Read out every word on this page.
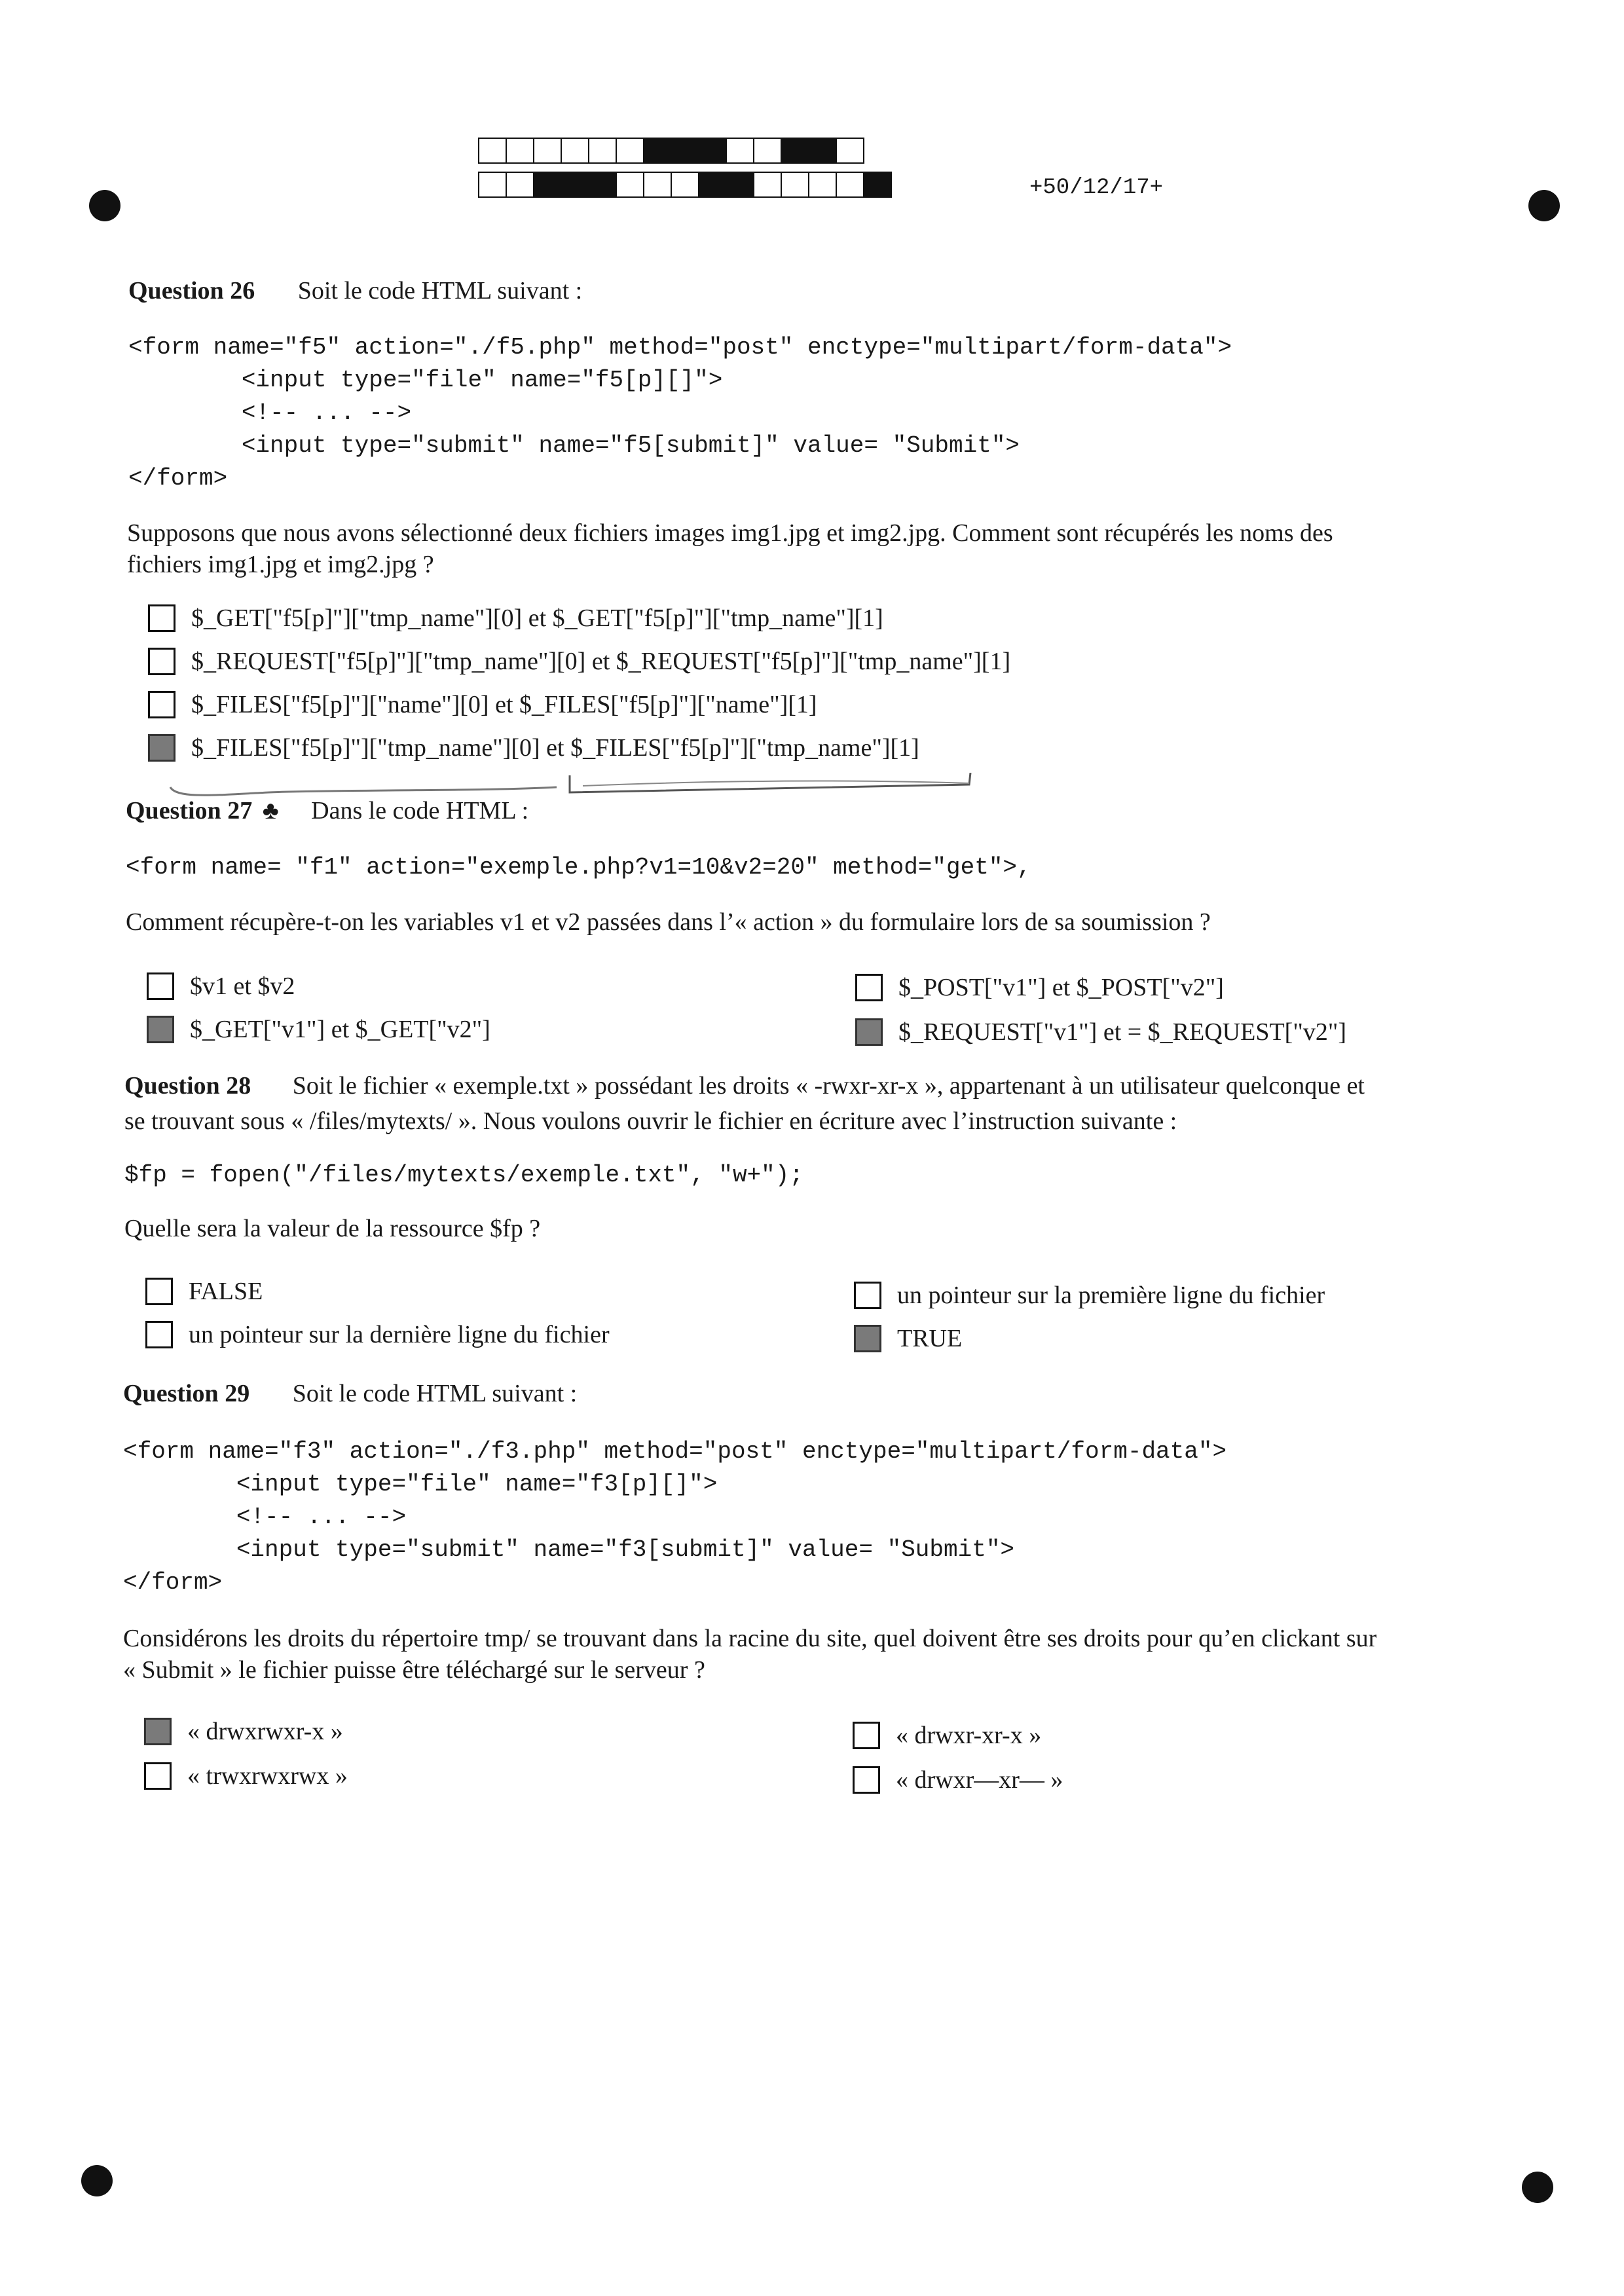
+50/12/17+
Question 26 Soit le code HTML suivant :
<form name="f5" action="./f5.php" method="post" enctype="multipart/form-data">
<input type="file" name="f5[p][]">
<!-- ... -->
<input type="submit" name="f5[submit]" value= "Submit">
</form>

Supposons que nous avons sélectionné deux fichiers images img1.jpg et img2.jpg. Comment sont récupérés les noms des
fichiers img1.jpg et img2.jpg ?

$_GET["f5[p]"]["tmp_name"][0] et $_GET["f5[p]"]["tmp_name"][1]
$_REQUEST["f5[p]"]["tmp_name"][0] et $_REQUEST["f5[p]"]["tmp_name"][1]
$_FILES["f5[p]"]["name"][0] et $_FILES["f5[p]"]["name"][1]
$_FILES["f5[p]"]["tmp_name"][0] et $_FILES["f5[p]"]["tmp_name"][1]
Question 27 ♣ Dans le code HTML :
<form name= "f1" action="exemple.php?v1=10&v2=20" method="get">,

Comment récupère-t-on les variables v1 et v2 passées dans l’« action » du formulaire lors de sa soumission ?

$v1 et $v2
$_GET["v1"] et $_GET["v2"]
$_POST["v1"] et $_POST["v2"]
$_REQUEST["v1"] et = $_REQUEST["v2"]
Question 28 Soit le fichier « exemple.txt » possédant les droits « -rwxr-xr-x », appartenant à un utilisateur quelconque et

se trouvant sous « /files/mytexts/ ». Nous voulons ouvrir le fichier en écriture avec l’instruction suivante :

$fp = fopen("/files/mytexts/exemple.txt", "w+");

Quelle sera la valeur de la ressource $fp ?

FALSE
un pointeur sur la dernière ligne du fichier
un pointeur sur la première ligne du fichier
TRUE
Question 29 Soit le code HTML suivant :
<form name="f3" action="./f3.php" method="post" enctype="multipart/form-data">
<input type="file" name="f3[p][]">
<!-- ... -->
<input type="submit" name="f3[submit]" value= "Submit">
</form>

Considérons les droits du répertoire tmp/ se trouvant dans la racine du site, quel doivent être ses droits pour qu’en clickant sur
« Submit » le fichier puisse être téléchargé sur le serveur ?

« drwxrwxr-x »
« trwxrwxrwx »
« drwxr-xr-x »
« drwxr—xr— »
